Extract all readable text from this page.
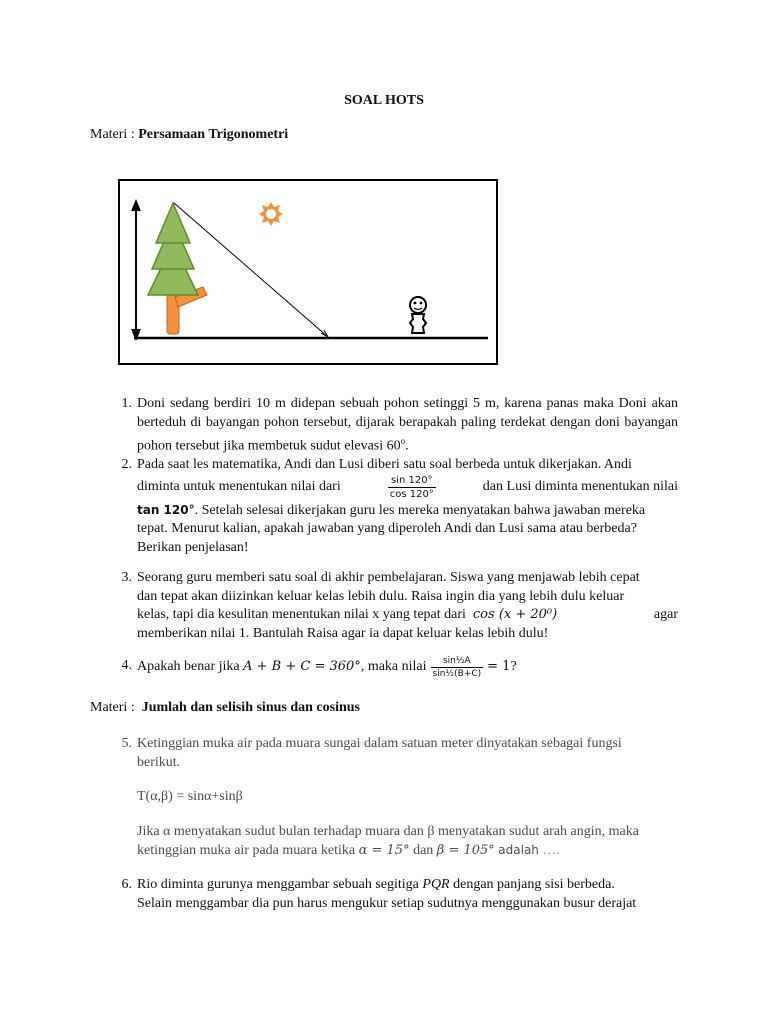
SOAL HOTS
Materi : Persamaan Trigonometri
1. Doni sedang berdiri 10 m didepan sebuah pohon setinggi 5 m, karena panas maka Doni akan berteduh di bayangan pohon tersebut, dijarak berapakah paling terdekat dengan doni bayangan pohon tersebut jika membetuk sudut elevasi 60$^o$.
2. Pada saat les matematika, Andi dan Lusi diberi satu soal berbeda untuk dikerjakan. Andi
diminta untuk menentukan nilai dari	$\frac{\sin 120^\circ}{\cos 120^\circ}$	dan Lusi diminta menentukan nilai
tan 120°. Setelah selesai dikerjakan guru les mereka menyatakan bahwa jawaban mereka
tepat. Menurut kalian, apakah jawaban yang diperoleh Andi dan Lusi sama atau berbeda?
Berikan penjelasan!
3. Seorang guru memberi satu soal di akhir pembelajaran. Siswa yang menjawab lebih cepat
dan tepat akan diizinkan keluar kelas lebih dulu. Raisa ingin dia yang lebih dulu keluar
kelas, tapi dia kesulitan menentukan nilai x yang tepat dari cos (x + 20⁰)	agar
memberikan nilai 1. Bantulah Raisa agar ia dapat keluar kelas lebih dulu!
4. Apakah benar jika
A + B + C = 360° , maka nilai $\frac{\text{sin½A}}{\text{sin½(B+C)}} = 1$ ?
Materi :  Jumlah dan selisih sinus dan cosinus
5. Ketinggian muka air pada muara sungai dalam satuan meter dinyatakan sebagai fungsi
berikut.
T(α,β) = sinα+sinβ
Jika α menyatakan sudut bulan terhadap muara dan β menyatakan sudut arah angin, maka
ketinggian muka air pada muara ketika α = 15° dan β = 105° adalah ….
6. Rio diminta gurunya menggambar sebuah segitiga PQR dengan panjang sisi berbeda.
Selain menggambar dia pun harus mengukur setiap sudutnya menggunakan busur derajat
